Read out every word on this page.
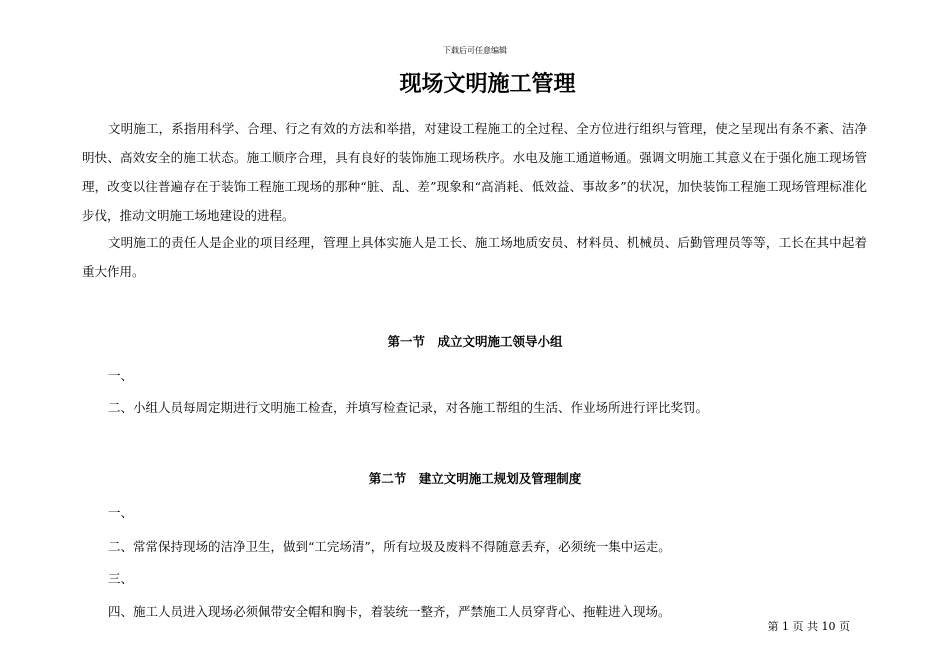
下载后可任意编辑
现场文明施工管理

文明施工，系指用科学、合理、行之有效的方法和举措，对建设工程施工的全过程、全方位进行组织与管理，使之呈现出有条不紊、洁净明快、高效安全的施工状态。施工顺序合理，具有良好的装饰施工现场秩序。水电及施工通道畅通。强调文明施工其意义在于强化施工现场管理，改变以往普遍存在于装饰工程施工现场的那种“脏、乱、差”现象和“高消耗、低效益、事故多”的状况，加快装饰工程施工现场管理标准化步伐，推动文明施工场地建设的进程。

文明施工的责任人是企业的项目经理，管理上具体实施人是工长、施工场地质安员、材料员、机械员、后勤管理员等等，工长在其中起着重大作用。

第一节　成立文明施工领导小组

一、

二、小组人员每周定期进行文明施工检查，并填写检查记录，对各施工帮组的生活、作业场所进行评比奖罚。

第二节　建立文明施工规划及管理制度

一、

二、常常保持现场的洁净卫生，做到“工完场清”，所有垃圾及废料不得随意丢弃，必须统一集中运走。

三、

四、施工人员进入现场必须佩带安全帽和胸卡，着装统一整齐，严禁施工人员穿背心、拖鞋进入现场。

第 1 页 共 10 页
